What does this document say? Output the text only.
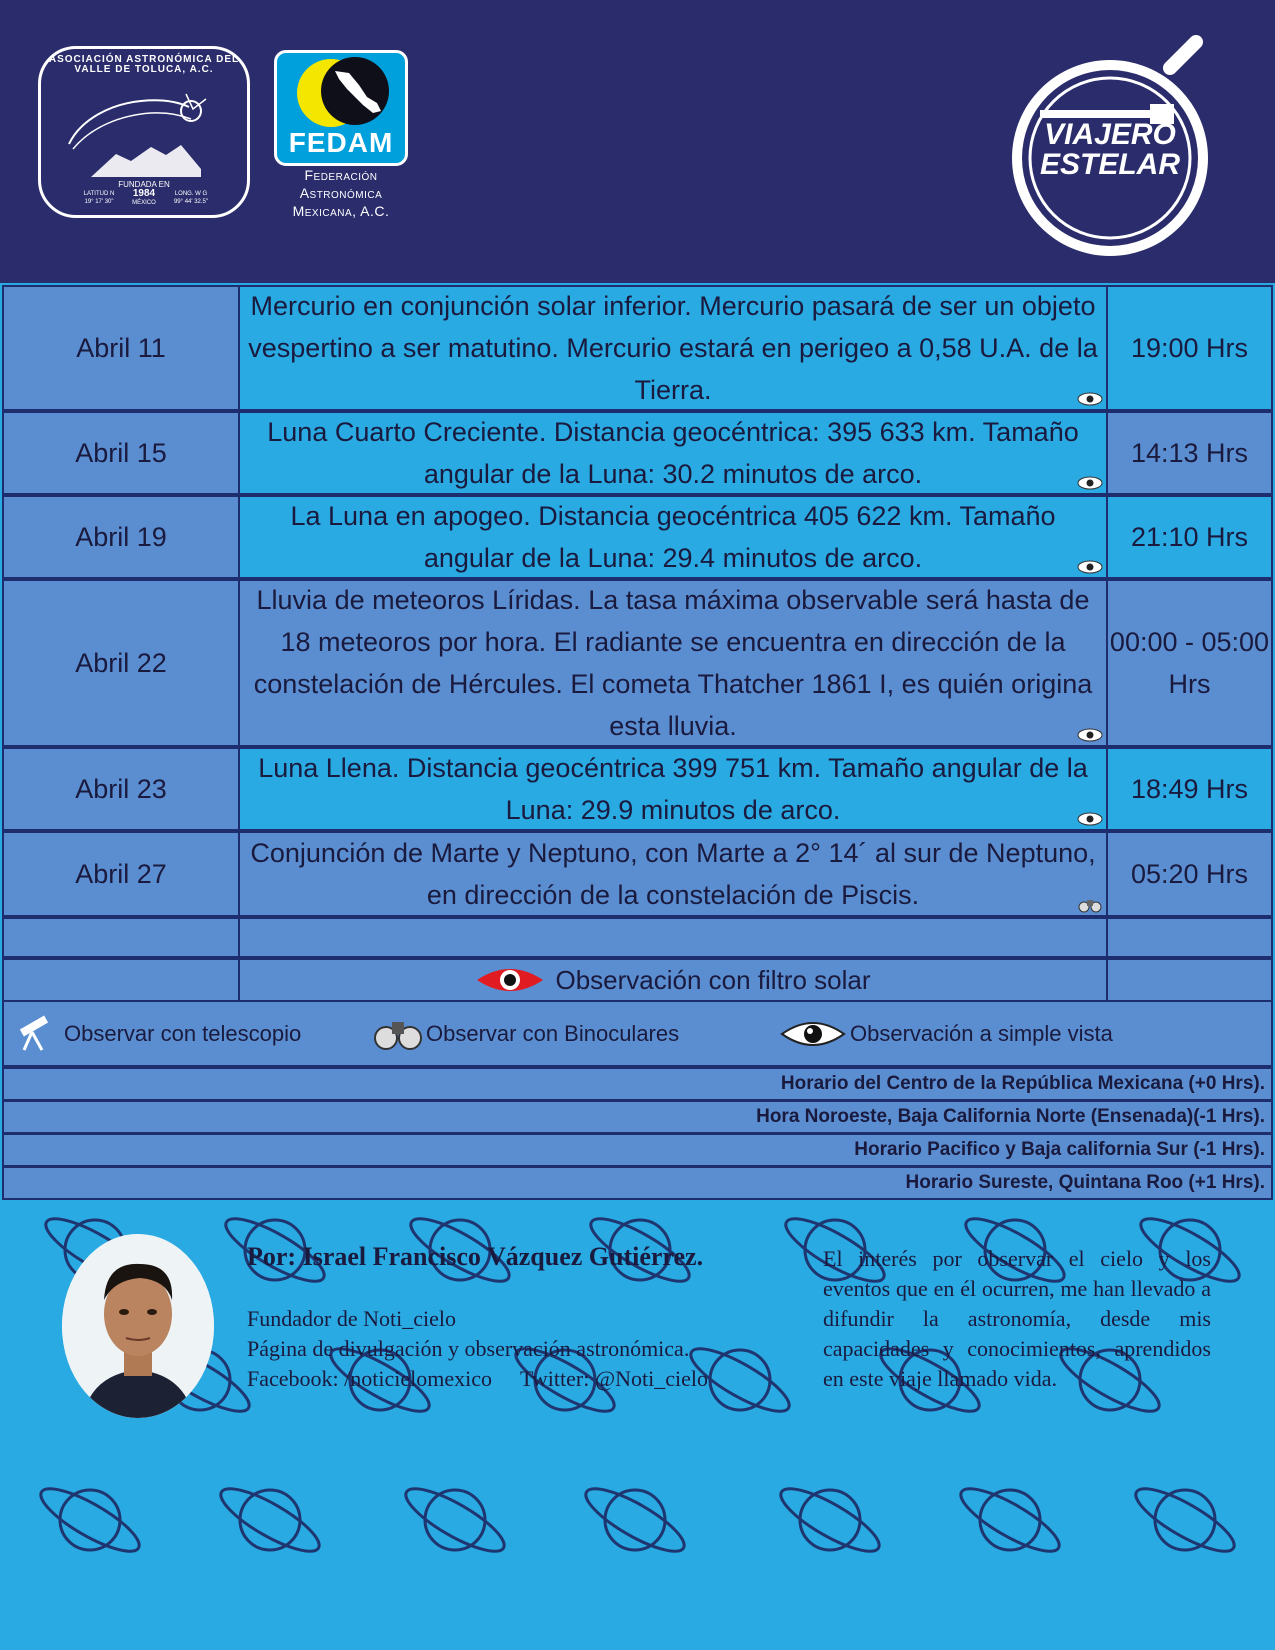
FUNDADA EN
1984
MÉXICO
LATITUD N
19° 17' 30"
LONG. W G
99° 44' 32.5"
ASOCIACIÓN ASTRONÓMICA DEL VALLE DE TOLUCA, A.C.
FEDAM
Federación
Astronómica
Mexicana, A.C.
VIAJERO
ESTELAR
Abril 11
Mercurio en conjunción solar inferior. Mercurio pasará de ser un objeto vespertino a ser matutino. Mercurio estará en perigeo a 0,58 U.A. de la Tierra.
19:00 Hrs
Abril 15
Luna Cuarto Creciente. Distancia geocéntrica: 395 633 km. Tamaño angular de la Luna: 30.2 minutos de arco.
14:13 Hrs
Abril 19
La Luna en apogeo. Distancia geocéntrica 405 622 km. Tamaño angular de la Luna: 29.4 minutos de arco.
21:10 Hrs
Abril 22
Lluvia de meteoros Líridas. La tasa máxima observable será hasta de 18 meteoros por hora. El radiante se encuentra en dirección de la constelación de Hércules. El cometa Thatcher 1861 I, es quién origina esta lluvia.
00:00 - 05:00 Hrs
Abril 23
Luna Llena. Distancia geocéntrica 399 751 km. Tamaño angular de la Luna: 29.9 minutos de arco.
18:49 Hrs
Abril 27
Conjunción de Marte y Neptuno, con Marte a 2° 14´ al sur de Neptuno, en dirección de la constelación de Piscis.
05:20 Hrs
Observación con filtro solar
Observar con telescopio	Observar con Binoculares	Observación a simple vista
Horario del Centro de la República Mexicana (+0 Hrs).
Hora Noroeste, Baja California Norte (Ensenada)(-1 Hrs).
Horario Pacifico y Baja california Sur (-1 Hrs).
Horario Sureste, Quintana Roo (+1 Hrs).
Por: Israel Francisco Vázquez Gutiérrez.
Fundador de Noti_cielo
Página de divulgación y observación astronómica.
Facebook: /noticielomexico Twitter: @Noti_cielo
El interés por observar el cielo y los eventos que en él ocurren, me han llevado a difundir la astronomía, desde mis capacidades y conocimientos, aprendidos en este viaje llamado vida.
